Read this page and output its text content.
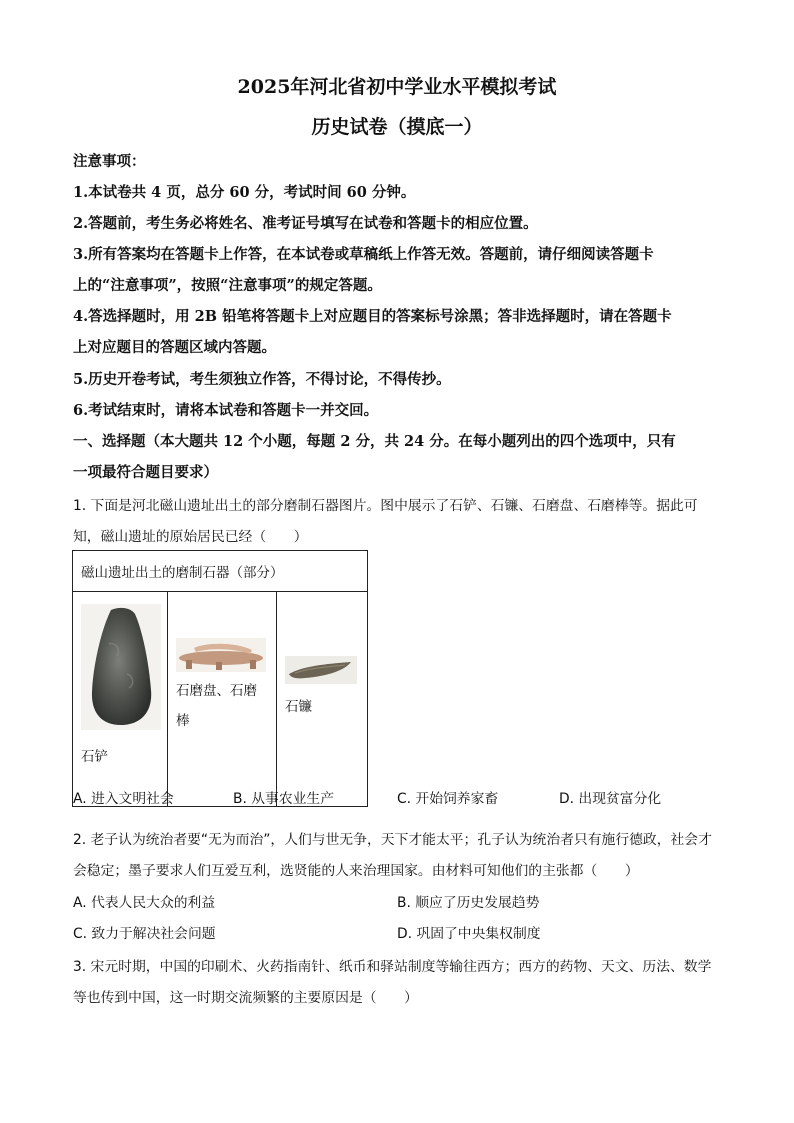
2025年河北省初中学业水平模拟考试
历史试卷（摸底一）
注意事项：
1.本试卷共 4 页，总分 60 分，考试时间 60 分钟。
2.答题前，考生务必将姓名、准考证号填写在试卷和答题卡的相应位置。
3.所有答案均在答题卡上作答，在本试卷或草稿纸上作答无效。答题前，请仔细阅读答题卡
上的“注意事项”，按照“注意事项”的规定答题。
4.答选择题时，用 2B 铅笔将答题卡上对应题目的答案标号涂黑；答非选择题时，请在答题卡
上对应题目的答题区域内答题。
5.历史开卷考试，考生须独立作答，不得讨论，不得传抄。
6.考试结束时，请将本试卷和答题卡一并交回。
一、选择题（本大题共 12 个小题，每题 2 分，共 24 分。在每小题列出的四个选项中，只有
一项最符合题目要求）
1. 下面是河北磁山遗址出土的部分磨制石器图片。图中展示了石铲、石镰、石磨盘、石磨棒等。据此可
知，磁山遗址的原始居民已经（　　）
磁山遗址出土的磨制石器（部分）

石铲

石磨盘、石磨
棒

石镰
A. 进入文明社会	B. 从事农业生产	C. 开始饲养家畜	D. 出现贫富分化
2. 老子认为统治者要“无为而治”，人们与世无争，天下才能太平；孔子认为统治者只有施行德政，社会才
会稳定；墨子要求人们互爱互利，选贤能的人来治理国家。由材料可知他们的主张都（　　）
A. 代表人民大众的利益	B. 顺应了历史发展趋势
C. 致力于解决社会问题	D. 巩固了中央集权制度
3. 宋元时期，中国的印刷术、火药指南针、纸币和驿站制度等输往西方；西方的药物、天文、历法、数学
等也传到中国，这一时期交流频繁的主要原因是（　　）
